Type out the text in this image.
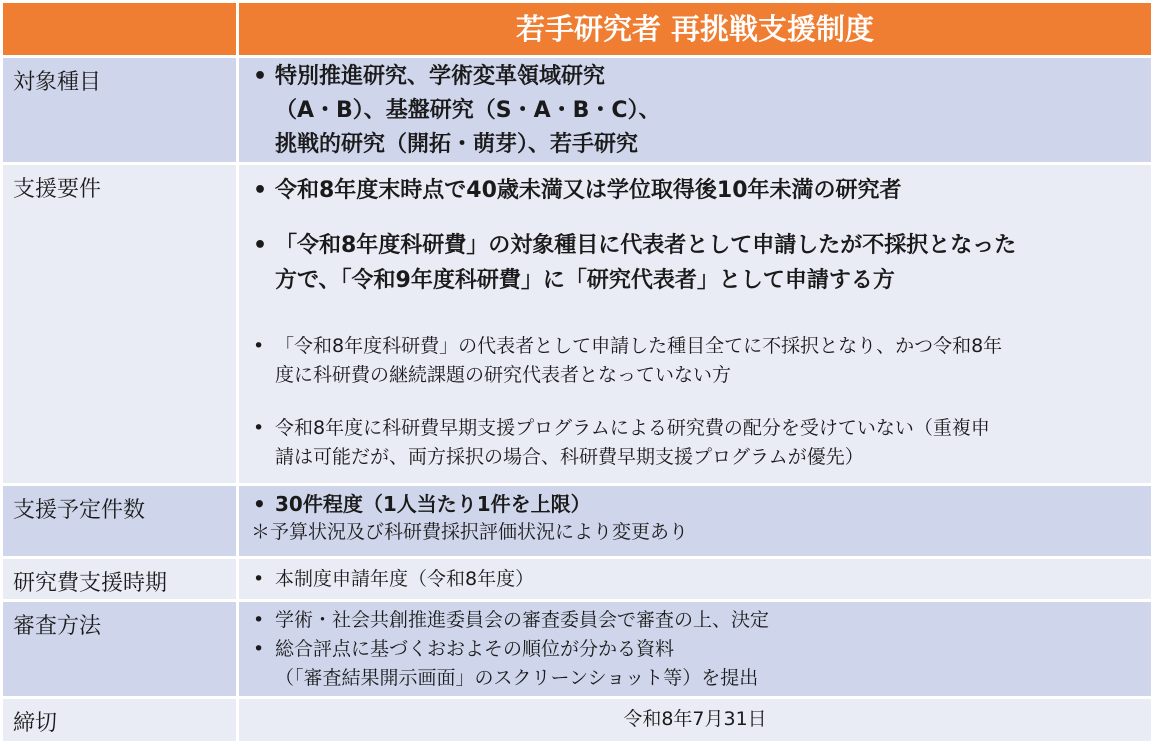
若手研究者 再挑戦支援制度
対象種目	• 特別推進研究、学術変革領域研究
（A・B）、基盤研究（S・A・B・C）、
挑戦的研究（開拓・萌芽）、若手研究
支援要件	• 令和8年度末時点で40歳未満又は学位取得後10年未満の研究者
• 「令和8年度科研費」の対象種目に代表者として申請したが不採択となった
方で、「令和9年度科研費」に「研究代表者」として申請する方
• 「令和8年度科研費」の代表者として申請した種目全てに不採択となり、かつ令和8年
度に科研費の継続課題の研究代表者となっていない方
• 令和8年度に科研費早期支援プログラムによる研究費の配分を受けていない（重複申
請は可能だが、両方採択の場合、科研費早期支援プログラムが優先）
支援予定件数	• 30件程度（1人当たり1件を上限）
＊予算状況及び科研費採択評価状況により変更あり
研究費支援時期	• 本制度申請年度（令和8年度）
審査方法	• 学術・社会共創推進委員会の審査委員会で審査の上、決定
• 総合評点に基づくおおよその順位が分かる資料
（「審査結果開示画面」のスクリーンショット等）を提出
締切	令和8年7月31日
